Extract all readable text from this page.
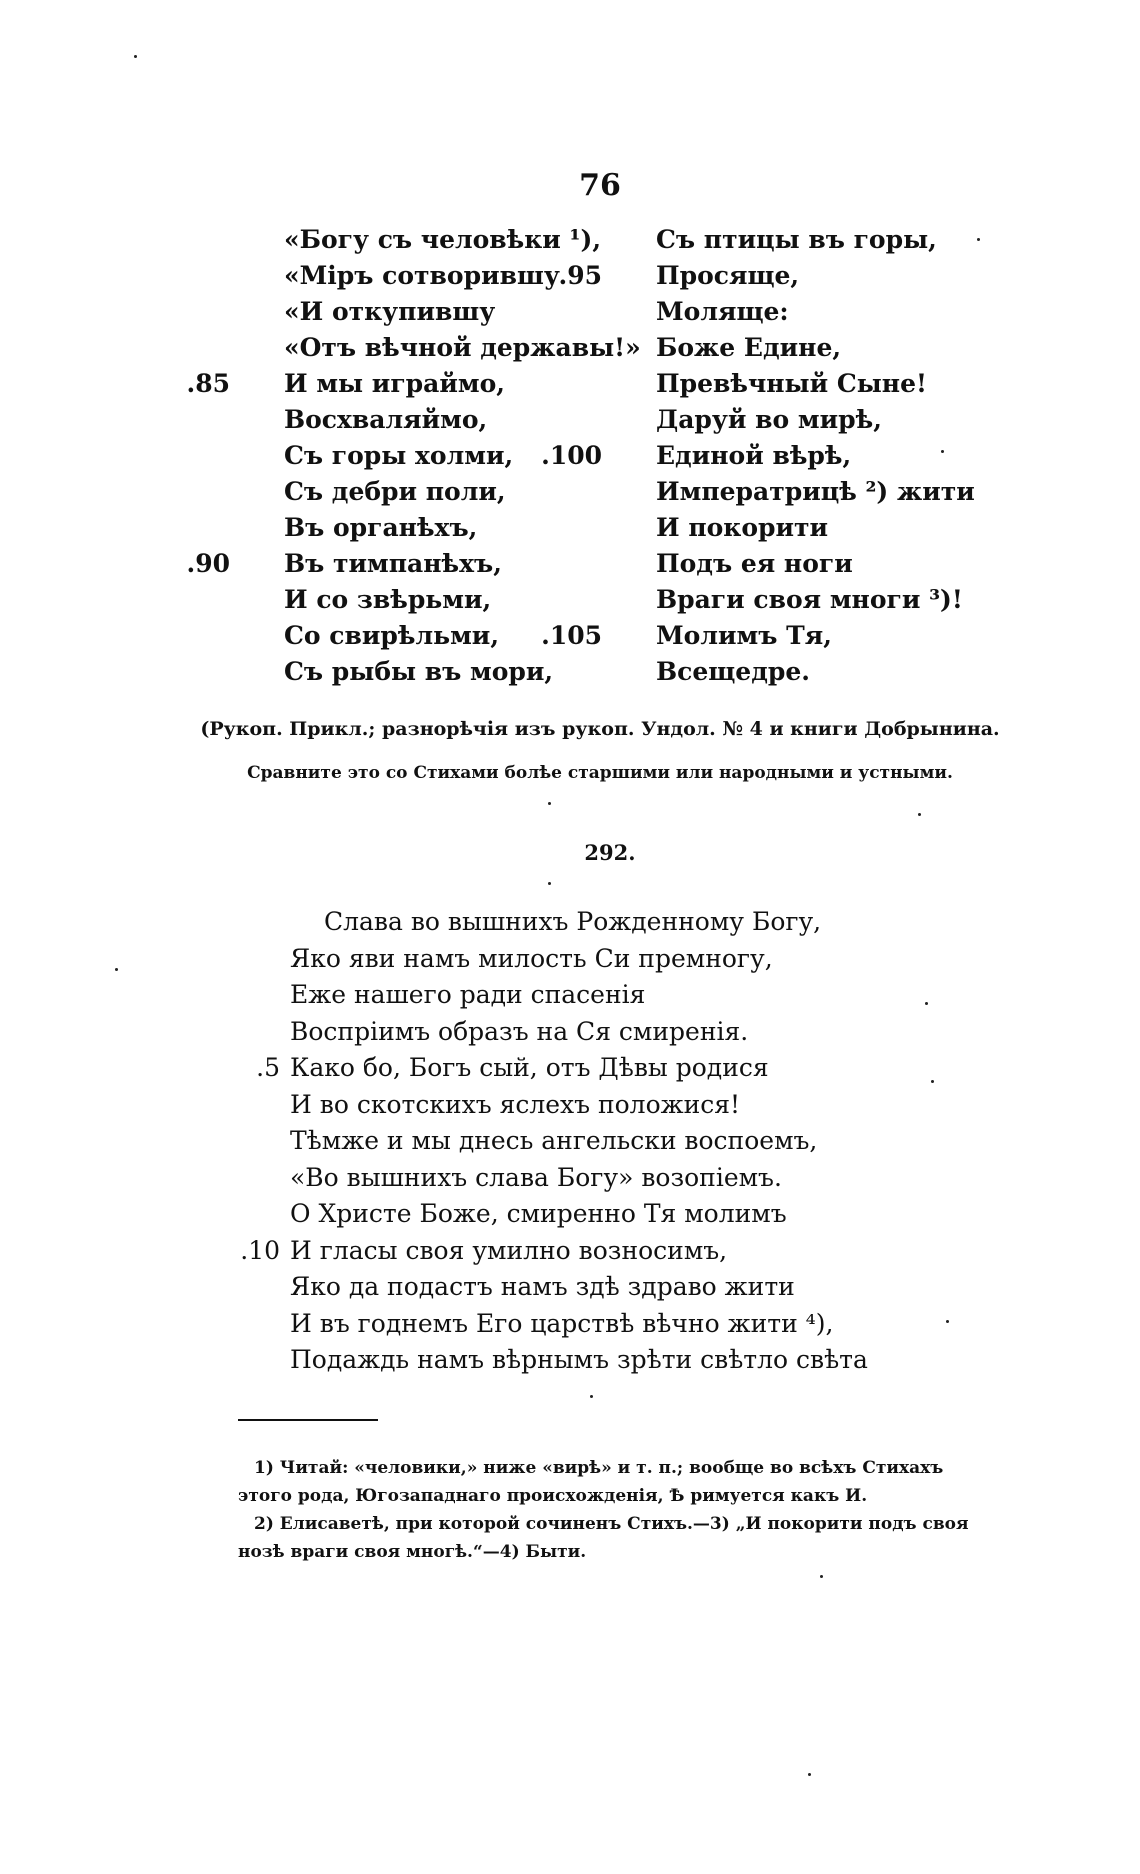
76
«Богу съ человѣки ¹),
«Міръ сотворившу
«И откупившу
«Отъ вѣчной державы!»
85. И мы играймо,
Восхваляймо,
Съ горы холми,
Съ дебри поли,
Въ органѣхъ,
90. Въ тимпанѣхъ,
И со звѣрьми,
Со свирѣльми,
Съ рыбы въ мори,
Съ птицы въ горы,
95. Просяще,
Моляще:
Боже Едине,
Превѣчный Сыне!
Даруй во мирѣ,
100. Единой вѣрѣ,
Императрицѣ ²) жити
И покорити
Подъ ея ноги
Враги своя многи ³)!
105. Молимъ Тя,
Всещедре.
(Рукоп. Прикл.; разнорѣчія изъ рукоп. Ундол. № 4 и книги Добрынина.
Сравните это со Стихами болѣе старшими или народными и устными.
292.
Слава во вышнихъ Рожденному Богу,
Яко яви намъ милость Си премногу,
Еже нашего ради спасенія
Воспріимъ образъ на Ся смиренія.
5. Како бо, Богъ сый, отъ Дѣвы родися
И во скотскихъ яслехъ положися!
Тѣмже и мы днесь ангельски воспоемъ,
«Во вышнихъ слава Богу» возопіемъ.
О Христе Боже, смиренно Тя молимъ
10. И гласы своя умилно возносимъ,
Яко да подастъ намъ здѣ здраво жити
И въ годнемъ Его царствѣ вѣчно жити ⁴),
Подаждь намъ вѣрнымъ зрѣти свѣтло свѣта
1) Читай: «человики,» ниже «вирѣ» и т. п.; вообще во всѣхъ Стихахъ
этого рода, Югозападнаго происхожденія, Ѣ римуется какъ И.
2) Елисаветѣ, при которой сочиненъ Стихъ.—3) „И покорити подъ своя
нозѣ враги своя многѣ.“—4) Быти.
